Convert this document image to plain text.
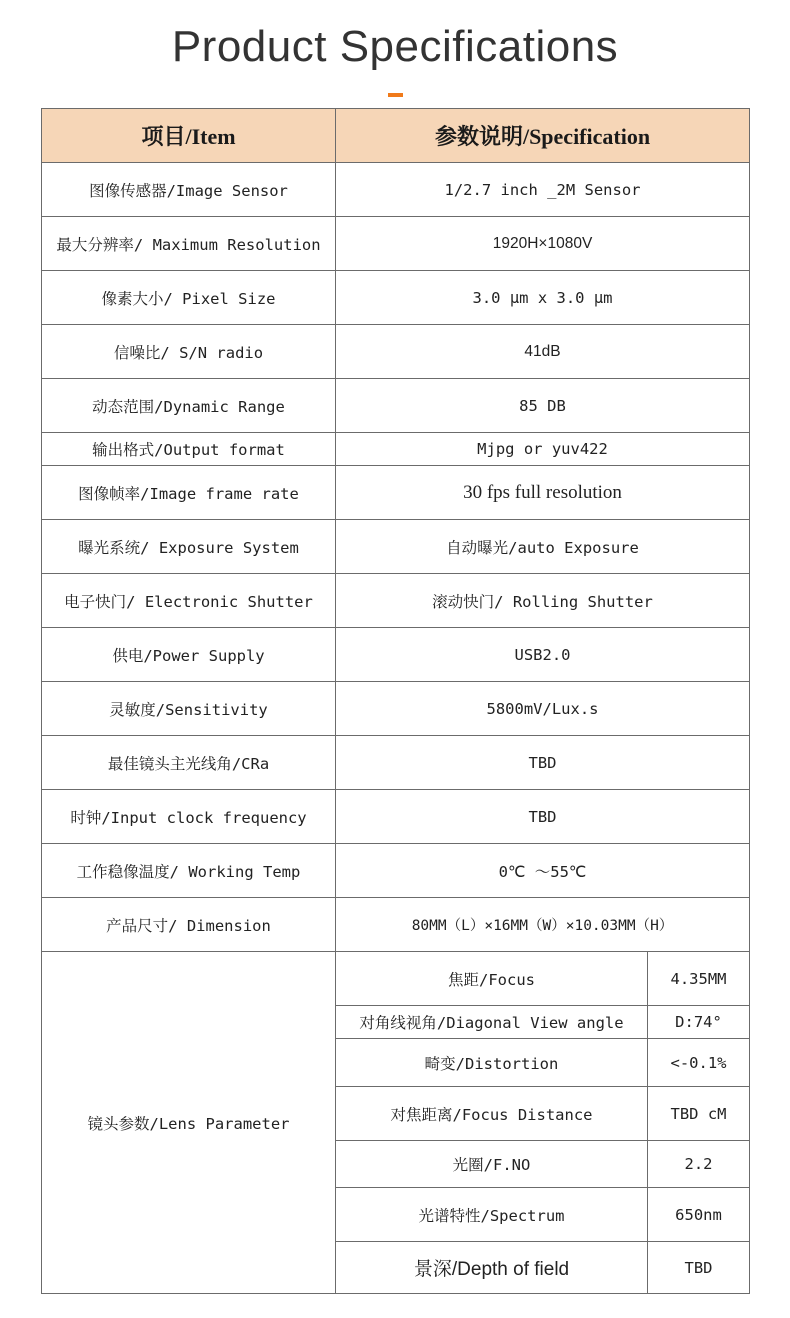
Product Specifications
项目/Item	参数说明/Specification	
图像传感器/Image Sensor	1/2.7 inch _2M Sensor	
最大分辨率/ Maximum Resolution	1920H×1080V	
像素大小/ Pixel Size	3.0 μm x 3.0 μm	
信噪比/ S/N radio	41dB	
动态范围/Dynamic Range	85 DB	
输出格式/Output format	Mjpg or yuv422	
图像帧率/Image frame rate	30 fps full resolution	
曝光系统/ Exposure System	自动曝光/auto Exposure	
电子快门/ Electronic Shutter	滚动快门/ Rolling Shutter	
供电/Power Supply	USB2.0	
灵敏度/Sensitivity	5800mV/Lux.s	
最佳镜头主光线角/CRa	TBD	
时钟/Input clock frequency	TBD	
工作稳像温度/ Working Temp	0℃ ～55℃	
产品尺寸/ Dimension	80MM（L）×16MM（W）×10.03MM（H）	
镜头参数/Lens Parameter	焦距/Focus	4.35MM
	对角线视角/Diagonal View angle	D:74°
	畸变/Distortion	<-0.1%
	对焦距离/Focus Distance	TBD cM
	光圈/F.NO	2.2
	光谱特性/Spectrum	650nm
	景深/Depth of field	TBD
